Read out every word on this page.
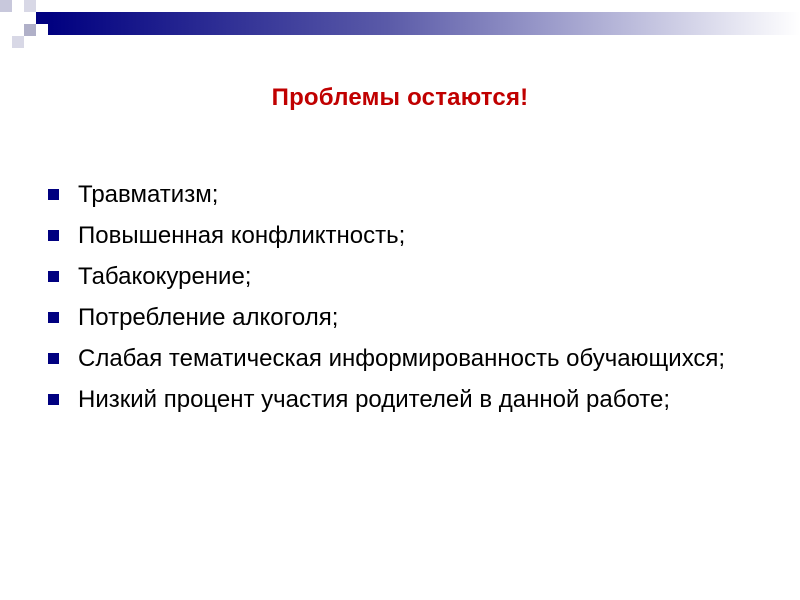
Проблемы остаются!
Травматизм;
Повышенная конфликтность;
Табакокурение;
Потребление алкоголя;
Слабая тематическая информированность обучающихся;
Низкий процент участия родителей в данной работе;
